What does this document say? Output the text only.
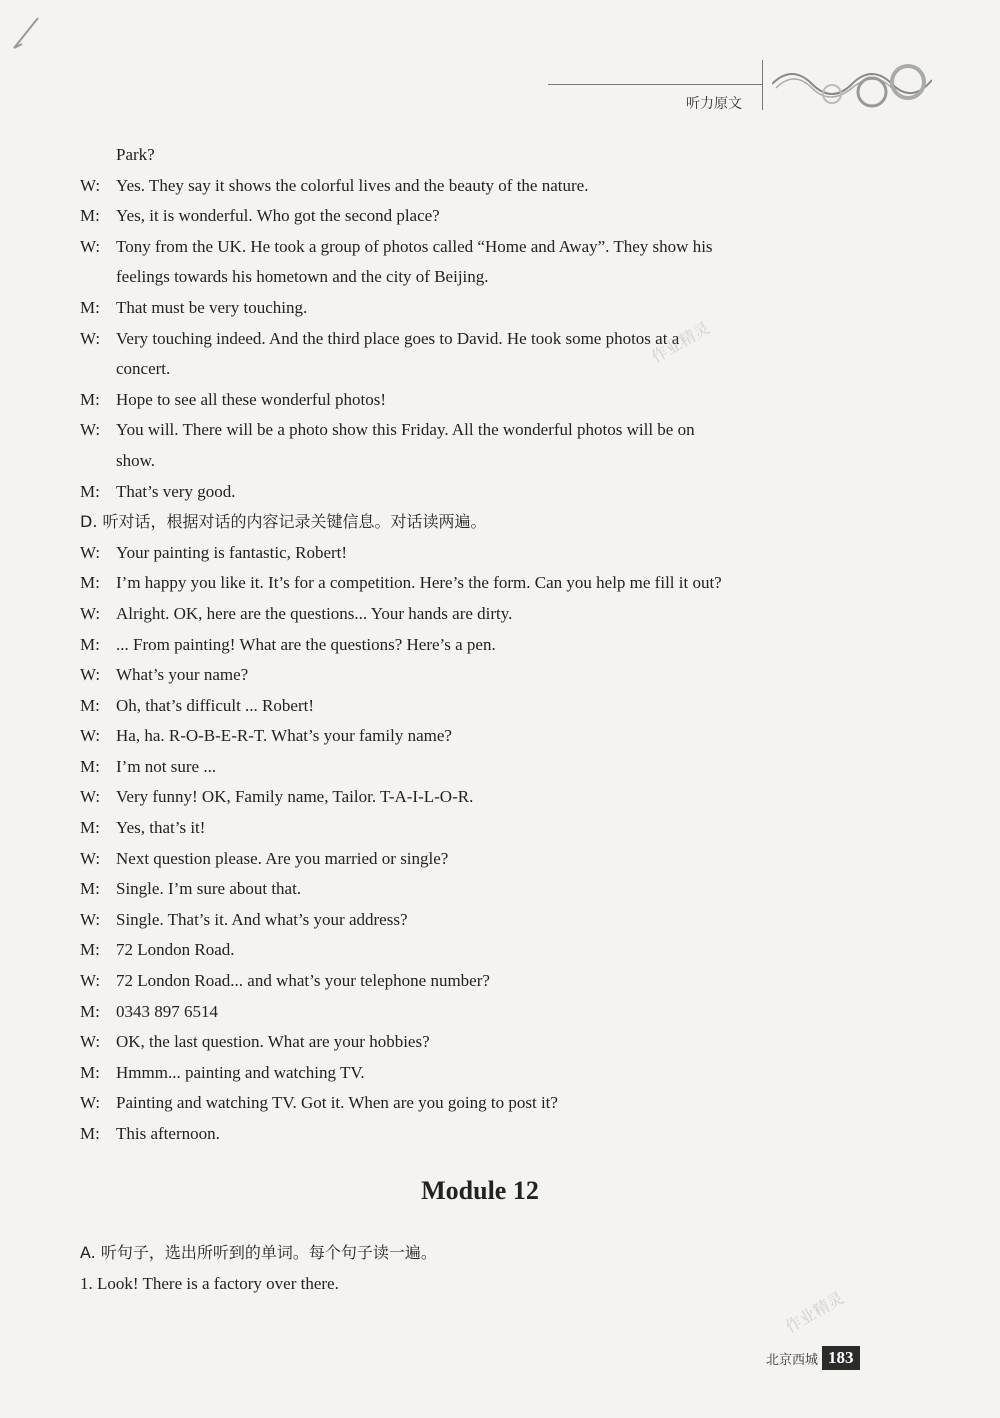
听力原文
Park?
W: Yes. They say it shows the colorful lives and the beauty of the nature.
M: Yes, it is wonderful. Who got the second place?
W: Tony from the UK. He took a group of photos called “Home and Away”. They show his
feelings towards his hometown and the city of Beijing.
M: That must be very touching.
W: Very touching indeed. And the third place goes to David. He took some photos at a
concert.
M: Hope to see all these wonderful photos!
W: You will. There will be a photo show this Friday. All the wonderful photos will be on
show.
M: That’s very good.
D. 听对话，根据对话的内容记录关键信息。对话读两遍。
W: Your painting is fantastic, Robert!
M: I’m happy you like it. It’s for a competition. Here’s the form. Can you help me fill it out?
W: Alright. OK, here are the questions... Your hands are dirty.
M: ... From painting! What are the questions? Here’s a pen.
W: What’s your name?
M: Oh, that’s difficult ... Robert!
W: Ha, ha. R-O-B-E-R-T. What’s your family name?
M: I’m not sure ...
W: Very funny! OK, Family name, Tailor. T-A-I-L-O-R.
M: Yes, that’s it!
W: Next question please. Are you married or single?
M: Single. I’m sure about that.
W: Single. That’s it. And what’s your address?
M: 72 London Road.
W: 72 London Road... and what’s your telephone number?
M: 0343 897 6514
W: OK, the last question. What are your hobbies?
M: Hmmm... painting and watching TV.
W: Painting and watching TV. Got it. When are you going to post it?
M: This afternoon.
Module 12
A. 听句子，选出所听到的单词。每个句子读一遍。
1. Look! There is a factory over there.
作业精灵
作业精灵
北京西城 183
